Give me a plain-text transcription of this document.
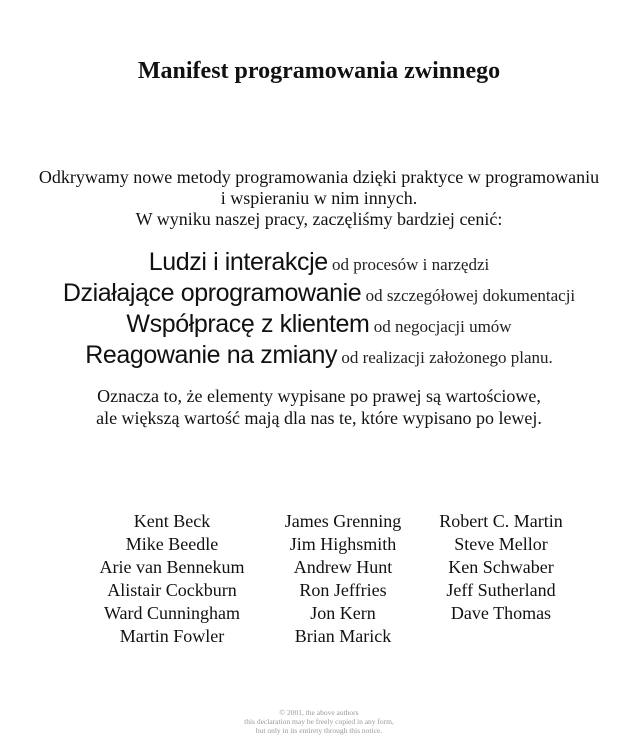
Manifest programowania zwinnego
Odkrywamy nowe metody programowania dzięki praktyce w programowaniu
i wspieraniu w nim innych.
W wyniku naszej pracy, zaczęliśmy bardziej cenić:
Ludzi i interakcje od procesów i narzędzi
Działające oprogramowanie od szczegółowej dokumentacji
Współpracę z klientem od negocjacji umów
Reagowanie na zmiany od realizacji założonego planu.
Oznacza to, że elementy wypisane po prawej są wartościowe,
ale większą wartość mają dla nas te, które wypisano po lewej.
Kent Beck
Mike Beedle
Arie van Bennekum
Alistair Cockburn
Ward Cunningham
Martin Fowler
James Grenning
Jim Highsmith
Andrew Hunt
Ron Jeffries
Jon Kern
Brian Marick
Robert C. Martin
Steve Mellor
Ken Schwaber
Jeff Sutherland
Dave Thomas
© 2001, the above authors
this declaration may be freely copied in any form,
but only in its entirety through this notice.
